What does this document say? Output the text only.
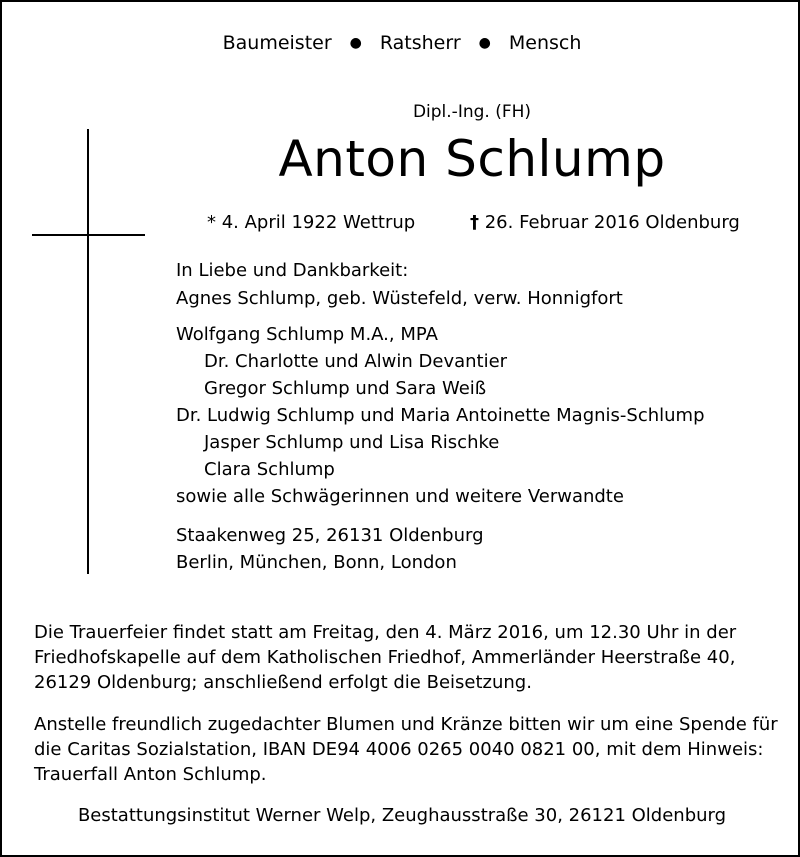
Baumeister ● Ratsherr ● Mensch
Dipl.-Ing. (FH)
Anton Schlump
* 4. April 1922 Wettrup	† 26. Februar 2016 Oldenburg
In Liebe und Dankbarkeit:
Agnes Schlump, geb. Wüstefeld, verw. Honnigfort
Wolfgang Schlump M.A., MPA
Dr. Charlotte und Alwin Devantier
Gregor Schlump und Sara Weiß
Dr. Ludwig Schlump und Maria Antoinette Magnis-Schlump
Jasper Schlump und Lisa Rischke
Clara Schlump
sowie alle Schwägerinnen und weitere Verwandte
Staakenweg 25, 26131 Oldenburg
Berlin, München, Bonn, London
Die Trauerfeier findet statt am Freitag, den 4. März 2016, um 12.30 Uhr in der
Friedhofskapelle auf dem Katholischen Friedhof, Ammerländer Heerstraße 40,
26129 Oldenburg; anschließend erfolgt die Beisetzung.
Anstelle freundlich zugedachter Blumen und Kränze bitten wir um eine Spende für
die Caritas Sozialstation, IBAN DE94 4006 0265 0040 0821 00, mit dem Hinweis:
Trauerfall Anton Schlump.
Bestattungsinstitut Werner Welp, Zeughausstraße 30, 26121 Oldenburg
